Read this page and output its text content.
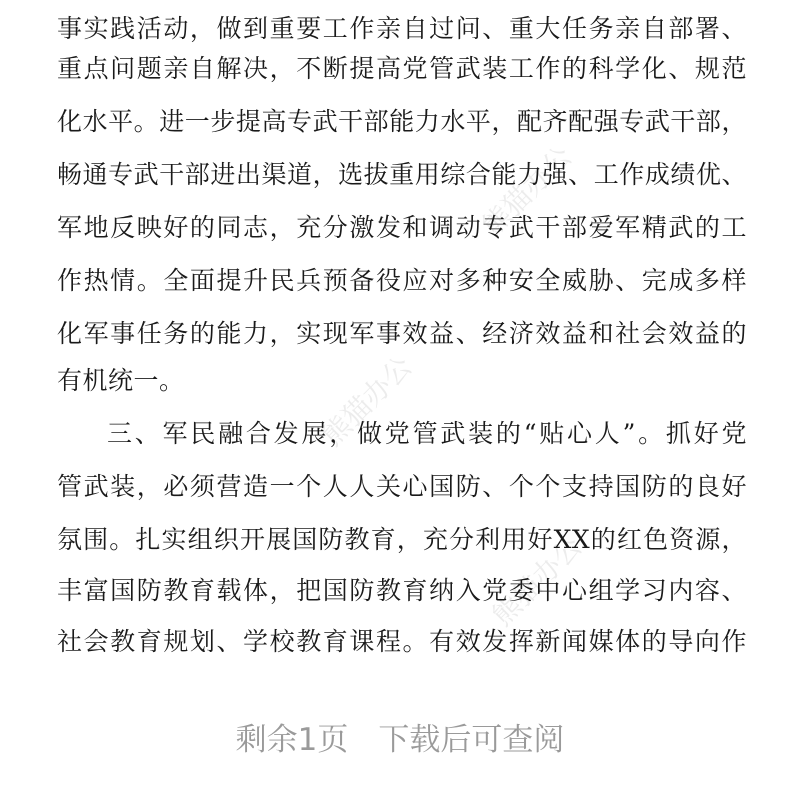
熊猫办公
熊猫办公
熊猫办公
事实践活动，做到重要工作亲自过问、重大任务亲自部署、
重点问题亲自解决，不断提高党管武装工作的科学化、规范
化水平。进一步提高专武干部能力水平，配齐配强专武干部，
畅通专武干部进出渠道，选拔重用综合能力强、工作成绩优、
军地反映好的同志，充分激发和调动专武干部爱军精武的工
作热情。全面提升民兵预备役应对多种安全威胁、完成多样
化军事任务的能力，实现军事效益、经济效益和社会效益的
有机统一。
三、军民融合发展，做党管武装的“贴心人”。抓好党
管武装，必须营造一个人人关心国防、个个支持国防的良好
氛围。扎实组织开展国防教育，充分利用好XX的红色资源，
丰富国防教育载体，把国防教育纳入党委中心组学习内容、
社会教育规划、学校教育课程。有效发挥新闻媒体的导向作
剩余1页 下载后可查阅
